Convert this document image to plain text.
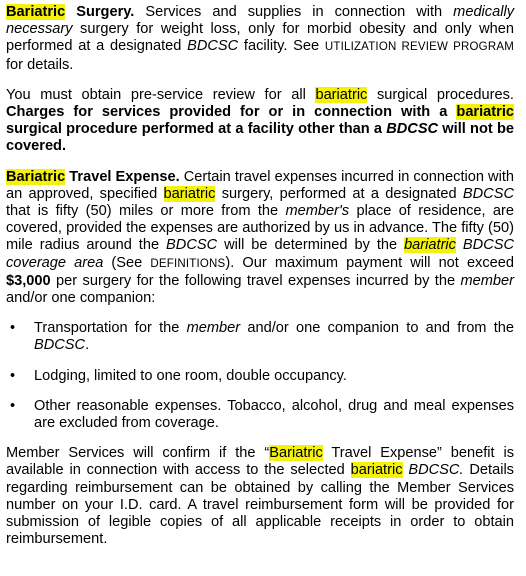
Bariatric Surgery. Services and supplies in connection with medically necessary surgery for weight loss, only for morbid obesity and only when performed at a designated BDCSC facility. See UTILIZATION REVIEW PROGRAM for details.

You must obtain pre-service review for all bariatric surgical procedures. Charges for services provided for or in connection with a bariatric surgical procedure performed at a facility other than a BDCSC will not be covered.

Bariatric Travel Expense. Certain travel expenses incurred in connection with an approved, specified bariatric surgery, performed at a designated BDCSC that is fifty (50) miles or more from the member's place of residence, are covered, provided the expenses are authorized by us in advance. The fifty (50) mile radius around the BDCSC will be determined by the bariatric BDCSC coverage area (See DEFINITIONS). Our maximum payment will not exceed $3,000 per surgery for the following travel expenses incurred by the member and/or one companion:

• Transportation for the member and/or one companion to and from the BDCSC.
• Lodging, limited to one room, double occupancy.
• Other reasonable expenses. Tobacco, alcohol, drug and meal expenses are excluded from coverage.

Member Services will confirm if the “Bariatric Travel Expense” benefit is available in connection with access to the selected bariatric BDCSC. Details regarding reimbursement can be obtained by calling the Member Services number on your I.D. card. A travel reimbursement form will be provided for submission of legible copies of all applicable receipts in order to obtain reimbursement.
